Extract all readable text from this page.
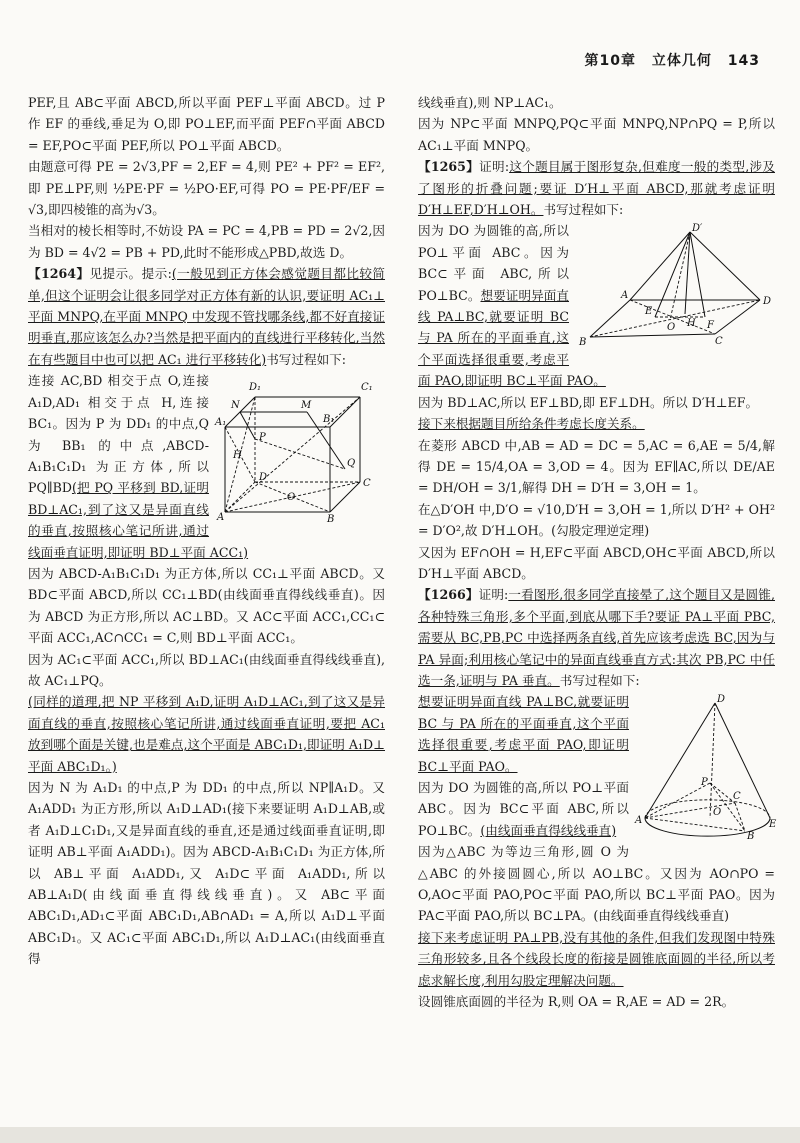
第10章 立体几何 143

PEF,且 AB⊂平面 ABCD,所以平面 PEF⊥平面 ABCD。过 P 作 EF 的垂线,垂足为 O,即 PO⊥EF,而平面 PEF∩平面 ABCD = EF,PO⊂平面 PEF,所以 PO⊥平面 ABCD。

由题意可得 PE = 2√3,PF = 2,EF = 4,则 PE² + PF² = EF²,即 PE⊥PF,则 ½PE·PF = ½PO·EF,可得 PO = PE·PF/EF = √3,即四棱锥的高为√3。

当相对的棱长相等时,不妨设 PA = PC = 4,PB = PD = 2√2,因为 BD = 4√2 = PB + PD,此时不能形成△PBD,故选 D。

【1264】见提示。提示:(一般见到正方体会感觉题目都比较简单,但这个证明会让很多同学对正方体有新的认识,要证明 AC₁⊥平面 MNPQ,在平面 MNPQ 中发现不管找哪条线,都不好直接证明垂直,那应该怎么办?当然是把平面内的直线进行平移转化,当然在有些题目中也可以把 AC₁ 进行平移转化)书写过程如下:

D₁	C₁
A₁	B₁
N	M
P
H
D
Q
C
O
A	B

连接 AC,BD 相交于点 O,连接 A₁D,AD₁ 相交于点 H,连接 BC₁。因为 P 为 DD₁ 的中点,Q 为 BB₁ 的中点,ABCD-A₁B₁C₁D₁ 为正方体,所以 PQ∥BD(把 PQ 平移到 BD,证明 BD⊥AC₁,到了这又是异面直线的垂直,按照核心笔记所讲,通过线面垂直证明,即证明 BD⊥平面 ACC₁)

因为 ABCD-A₁B₁C₁D₁ 为正方体,所以 CC₁⊥平面 ABCD。又 BD⊂平面 ABCD,所以 CC₁⊥BD(由线面垂直得线线垂直)。因为 ABCD 为正方形,所以 AC⊥BD。又 AC⊂平面 ACC₁,CC₁⊂平面 ACC₁,AC∩CC₁ = C,则 BD⊥平面 ACC₁。

因为 AC₁⊂平面 ACC₁,所以 BD⊥AC₁(由线面垂直得线线垂直),故 AC₁⊥PQ。

(同样的道理,把 NP 平移到 A₁D,证明 A₁D⊥AC₁,到了这又是异面直线的垂直,按照核心笔记所讲,通过线面垂直证明,要把 AC₁ 放到哪个面是关键,也是难点,这个平面是 ABC₁D₁,即证明 A₁D⊥平面 ABC₁D₁。)

因为 N 为 A₁D₁ 的中点,P 为 DD₁ 的中点,所以 NP∥A₁D。又 A₁ADD₁ 为正方形,所以 A₁D⊥AD₁(接下来要证明 A₁D⊥AB,或者 A₁D⊥C₁D₁,又是异面直线的垂直,还是通过线面垂直证明,即证明 AB⊥平面 A₁ADD₁)。因为 ABCD-A₁B₁C₁D₁ 为正方体,所以 AB⊥平面 A₁ADD₁,又 A₁D⊂平面 A₁ADD₁,所以 AB⊥A₁D(由线面垂直得线线垂直)。又 AB⊂平面 ABC₁D₁,AD₁⊂平面 ABC₁D₁,AB∩AD₁ = A,所以 A₁D⊥平面 ABC₁D₁。又 AC₁⊂平面 ABC₁D₁,所以 A₁D⊥AC₁(由线面垂直得

线线垂直),则 NP⊥AC₁。

因为 NP⊂平面 MNPQ,PQ⊂平面 MNPQ,NP∩PQ = P,所以 AC₁⊥平面 MNPQ。

【1265】证明:这个题目属于图形复杂,但难度一般的类型,涉及了图形的折叠问题;要证 D′H⊥平面 ABCD,那就考虑证明 D′H⊥EF,D′H⊥OH。书写过程如下:

D′
A
E
O H F
C
D
B

因为 DO 为圆锥的高,所以 PO⊥平面 ABC。因为 BC⊂平面 ABC,所以 PO⊥BC。想要证明异面直线 PA⊥BC,就要证明 BC 与 PA 所在的平面垂直,这个平面选择很重要,考虑平面 PAO,即证明 BC⊥平面 PAO。

因为 BD⊥AC,所以 EF⊥BD,即 EF⊥DH。所以 D′H⊥EF。

接下来根据题目所给条件考虑长度关系。

在菱形 ABCD 中,AB = AD = DC = 5,AC = 6,AE = 5/4,解得 DE = 15/4,OA = 3,OD = 4。因为 EF∥AC,所以 DE/AE = DH/OH = 3/1,解得 DH = D′H = 3,OH = 1。

在△D′OH 中,D′O = √10,D′H = 3,OH = 1,所以 D′H² + OH² = D′O²,故 D′H⊥OH。(勾股定理逆定理)

又因为 EF∩OH = H,EF⊂平面 ABCD,OH⊂平面 ABCD,所以 D′H⊥平面 ABCD。

【1266】证明:一看图形,很多同学直接晕了,这个题目又是圆锥,各种特殊三角形,多个平面,到底从哪下手?要证 PA⊥平面 PBC,需要从 BC,PB,PC 中选择两条直线,首先应该考虑选 BC,因为与 PA 异面;利用核心笔记中的异面直线垂直方式:其次 PB,PC 中任选一条,证明与 PA 垂直。书写过程如下:

D
P
C
O
A
B
E

想要证明异面直线 PA⊥BC,就要证明 BC 与 PA 所在的平面垂直,这个平面选择很重要,考虑平面 PAO,即证明 BC⊥平面 PAO。

因为 DO 为圆锥的高,所以 PO⊥平面 ABC。因为 BC⊂平面 ABC,所以 PO⊥BC。(由线面垂直得线线垂直)

因为△ABC 为等边三角形,圆 O 为△ABC 的外接圆圆心,所以 AO⊥BC。又因为 AO∩PO = O,AO⊂平面 PAO,PO⊂平面 PAO,所以 BC⊥平面 PAO。因为 PA⊂平面 PAO,所以 BC⊥PA。(由线面垂直得线线垂直)

接下来考虑证明 PA⊥PB,没有其他的条件,但我们发现图中特殊三角形较多,且各个线段长度的衔接是圆锥底面圆的半径,所以考虑求解长度,利用勾股定理解决问题。

设圆锥底面圆的半径为 R,则 OA = R,AE = AD = 2R。
